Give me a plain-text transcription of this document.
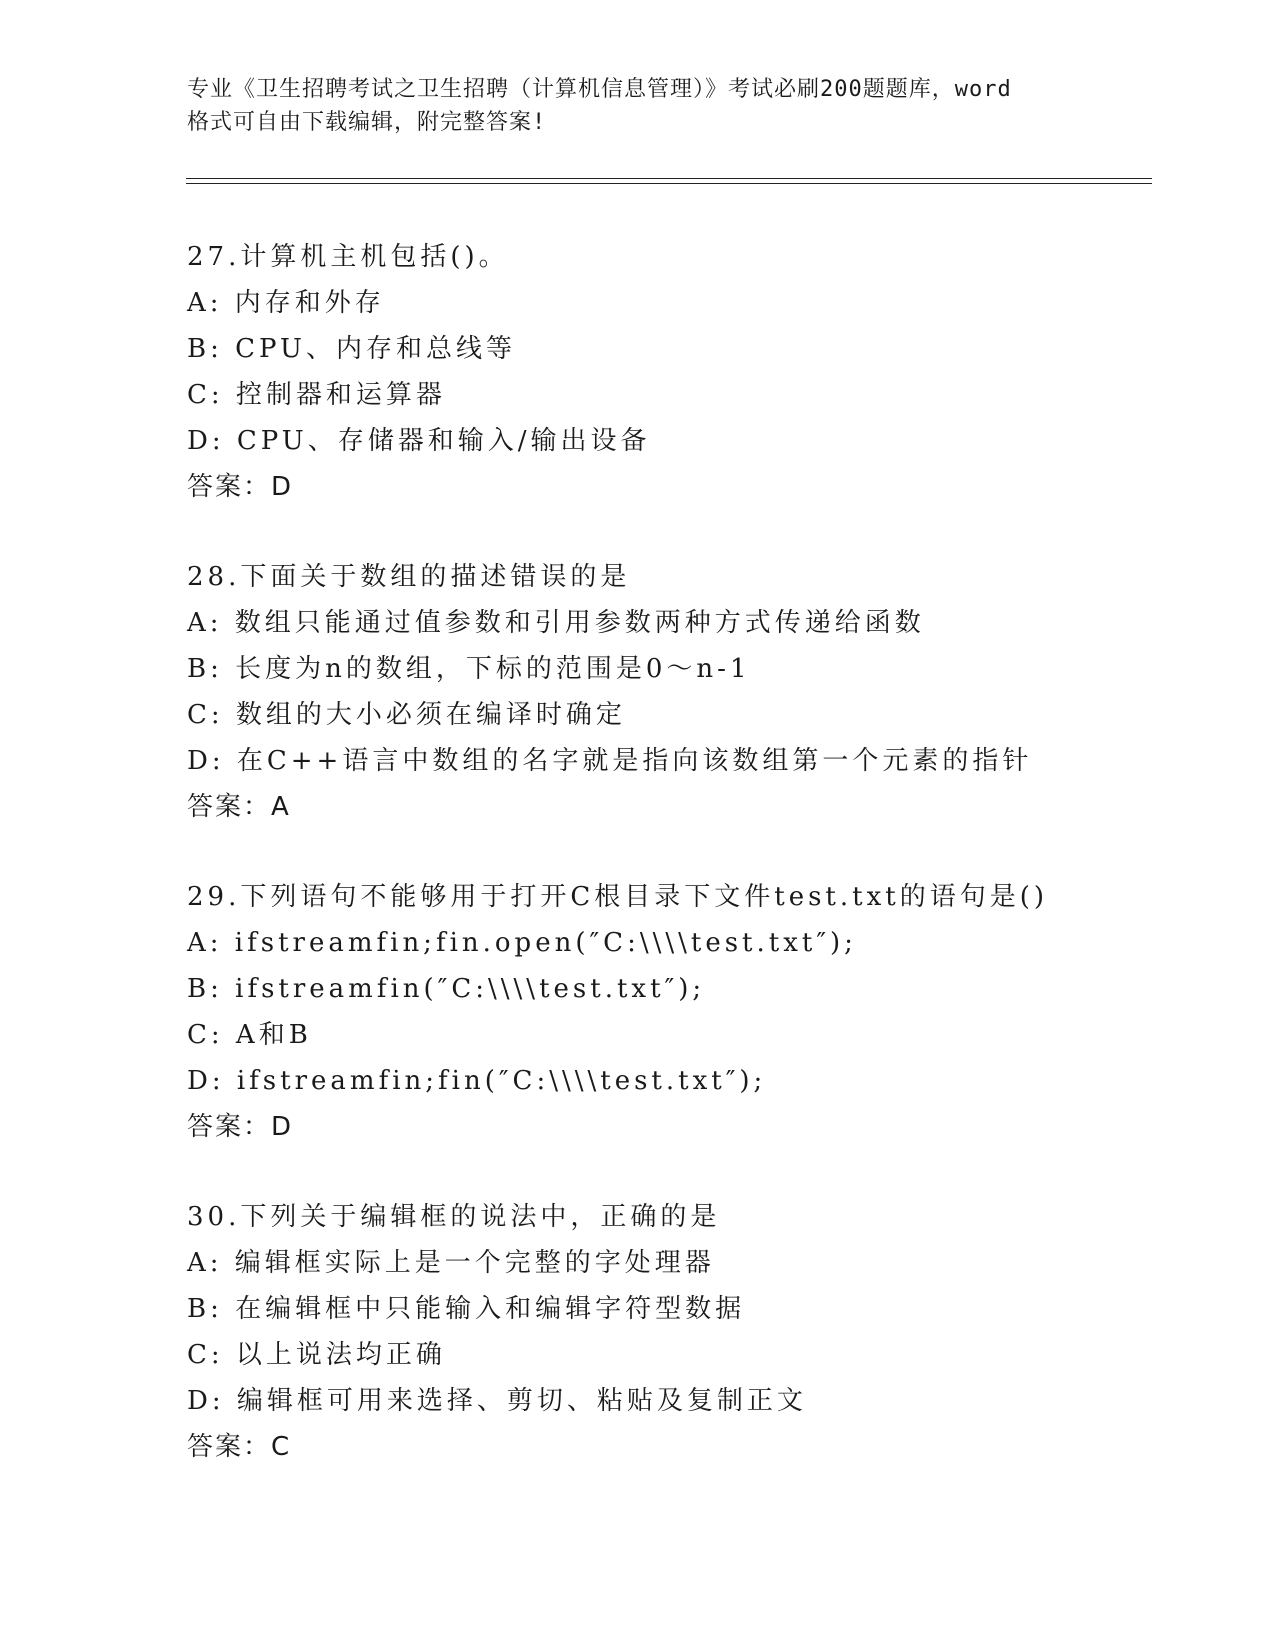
专业《卫生招聘考试之卫生招聘（计算机信息管理）》考试必刷200题题库，word
格式可自由下载编辑，附完整答案!
27.计算机主机包括()。
A: 内存和外存
B: CPU、内存和总线等
C: 控制器和运算器
D: CPU、存储器和输入/输出设备
答案：D
28.下面关于数组的描述错误的是
A: 数组只能通过值参数和引用参数两种方式传递给函数
B: 长度为n的数组，下标的范围是0～n-1
C: 数组的大小必须在编译时确定
D: 在C++语言中数组的名字就是指向该数组第一个元素的指针
答案：A
29.下列语句不能够用于打开C根目录下文件test.txt的语句是()
A: ifstreamfin;fin.open(″C:\\\\test.txt″);
B: ifstreamfin(″C:\\\\test.txt″);
C: A和B
D: ifstreamfin;fin(″C:\\\\test.txt″);
答案：D
30.下列关于编辑框的说法中，正确的是
A: 编辑框实际上是一个完整的字处理器
B: 在编辑框中只能输入和编辑字符型数据
C: 以上说法均正确
D: 编辑框可用来选择、剪切、粘贴及复制正文
答案：C
